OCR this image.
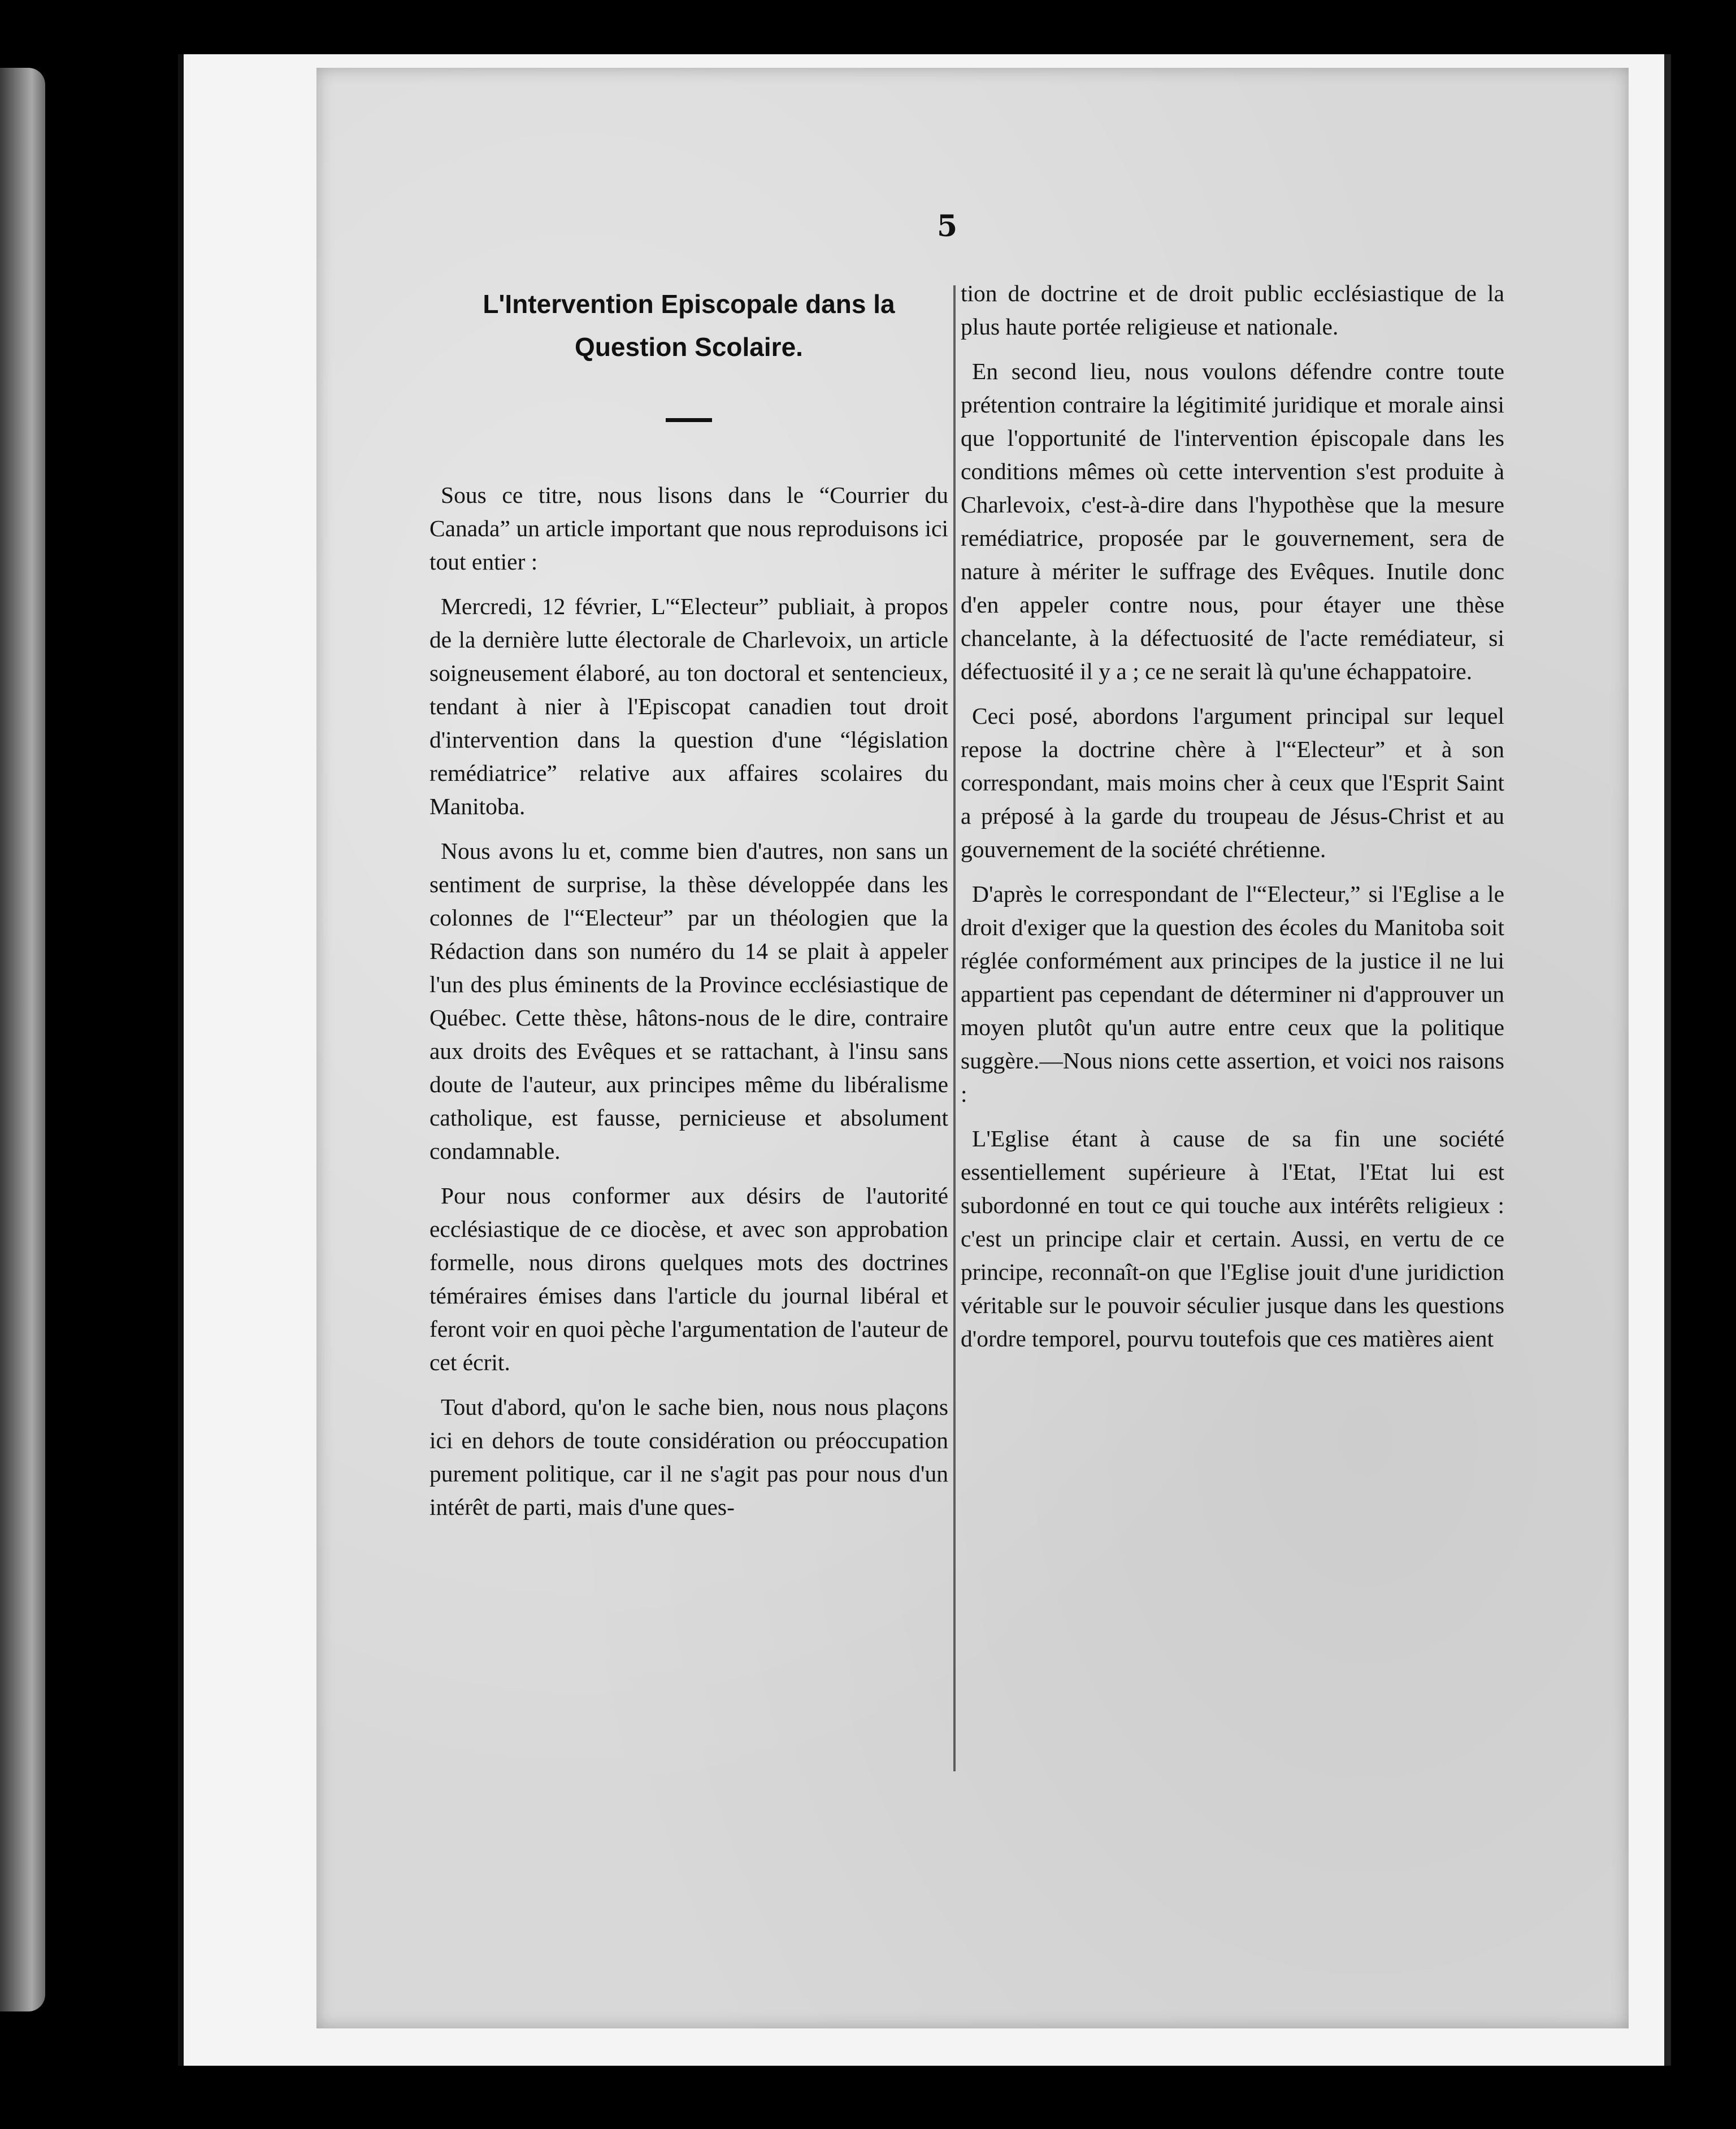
5
L'Intervention Episcopale dans la
Question Scolaire.

Sous ce titre, nous lisons dans le “Courrier du Canada” un article important que nous reproduisons ici tout entier :

Mercredi, 12 février, L'“Electeur” publiait, à propos de la dernière lutte électorale de Charlevoix, un article soigneusement élaboré, au ton doctoral et sentencieux, tendant à nier à l'Episcopat canadien tout droit d'intervention dans la question d'une “législation remédiatrice” relative aux affaires scolaires du Manitoba.

Nous avons lu et, comme bien d'autres, non sans un sentiment de surprise, la thèse développée dans les colonnes de l'“Electeur” par un théologien que la Rédaction dans son numéro du 14 se plait à appeler l'un des plus éminents de la Province ecclésiastique de Québec. Cette thèse, hâtons-nous de le dire, contraire aux droits des Evêques et se rattachant, à l'insu sans doute de l'auteur, aux principes même du libéralisme catholique, est fausse, pernicieuse et absolument condamnable.

Pour nous conformer aux désirs de l'autorité ecclésiastique de ce diocèse, et avec son approbation formelle, nous dirons quelques mots des doctrines téméraires émises dans l'article du journal libéral et feront voir en quoi pèche l'argumentation de l'auteur de cet écrit.

Tout d'abord, qu'on le sache bien, nous nous plaçons ici en dehors de toute considération ou préoccupation purement politique, car il ne s'agit pas pour nous d'un intérêt de parti, mais d'une ques-

tion de doctrine et de droit public ecclésiastique de la plus haute portée religieuse et nationale.

En second lieu, nous voulons défendre contre toute prétention contraire la légitimité juridique et morale ainsi que l'opportunité de l'intervention épiscopale dans les conditions mêmes où cette intervention s'est produite à Charlevoix, c'est-à-dire dans l'hypothèse que la mesure remédiatrice, proposée par le gouvernement, sera de nature à mériter le suffrage des Evêques. Inutile donc d'en appeler contre nous, pour étayer une thèse chancelante, à la défectuosité de l'acte remédiateur, si défectuosité il y a ; ce ne serait là qu'une échappatoire.

Ceci posé, abordons l'argument principal sur lequel repose la doctrine chère à l'“Electeur” et à son correspondant, mais moins cher à ceux que l'Esprit Saint a préposé à la garde du troupeau de Jésus-Christ et au gouvernement de la société chrétienne.

D'après le correspondant de l'“Electeur,” si l'Eglise a le droit d'exiger que la question des écoles du Manitoba soit réglée conformément aux principes de la justice il ne lui appartient pas cependant de déterminer ni d'approuver un moyen plutôt qu'un autre entre ceux que la politique suggère.—Nous nions cette assertion, et voici nos raisons :

L'Eglise étant à cause de sa fin une société essentiellement supérieure à l'Etat, l'Etat lui est subordonné en tout ce qui touche aux intérêts religieux : c'est un principe clair et certain. Aussi, en vertu de ce principe, reconnaît-on que l'Eglise jouit d'une juridiction véritable sur le pouvoir séculier jusque dans les questions d'ordre temporel, pourvu toutefois que ces matières aient
